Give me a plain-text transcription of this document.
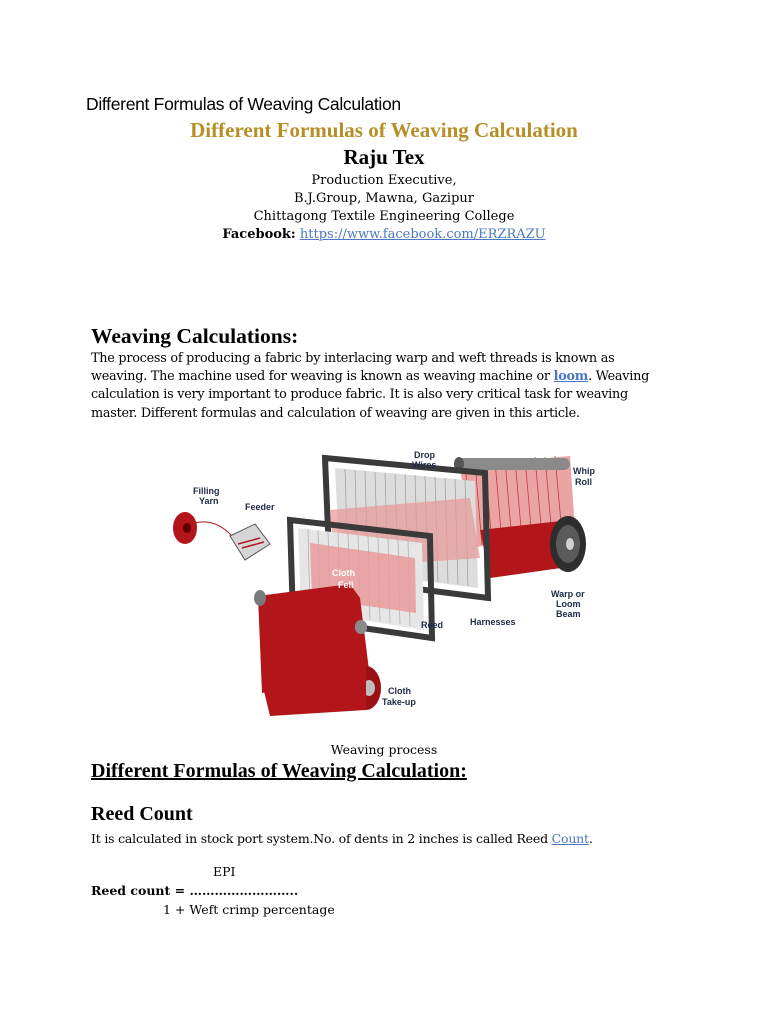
Different Formulas of Weaving Calculation
Different Formulas of Weaving Calculation
Raju Tex
Production Executive,
B.J.Group, Mawna, Gazipur
Chittagong Textile Engineering College
Facebook: https://www.facebook.com/ERZRAZU
Weaving Calculations:
The process of producing a fabric by interlacing warp and weft threads is known as weaving. The machine used for weaving is known as weaving machine or loom. Weaving calculation is very important to produce fabric. It is also very critical task for weaving master. Different formulas and calculation of weaving are given in this article.
Drop
Wires
Whip
Roll
Filling
Yarn
Feeder
Cloth
Fell
Warp or
Loom
Beam
Reed	Harnesses
Cloth
Take-up
Weaving process
Different Formulas of Weaving Calculation:
Reed Count
It is calculated in stock port system.No. of dents in 2 inches is called Reed Count.
EPI
Reed count = ……………………..
1 + Weft crimp percentage
